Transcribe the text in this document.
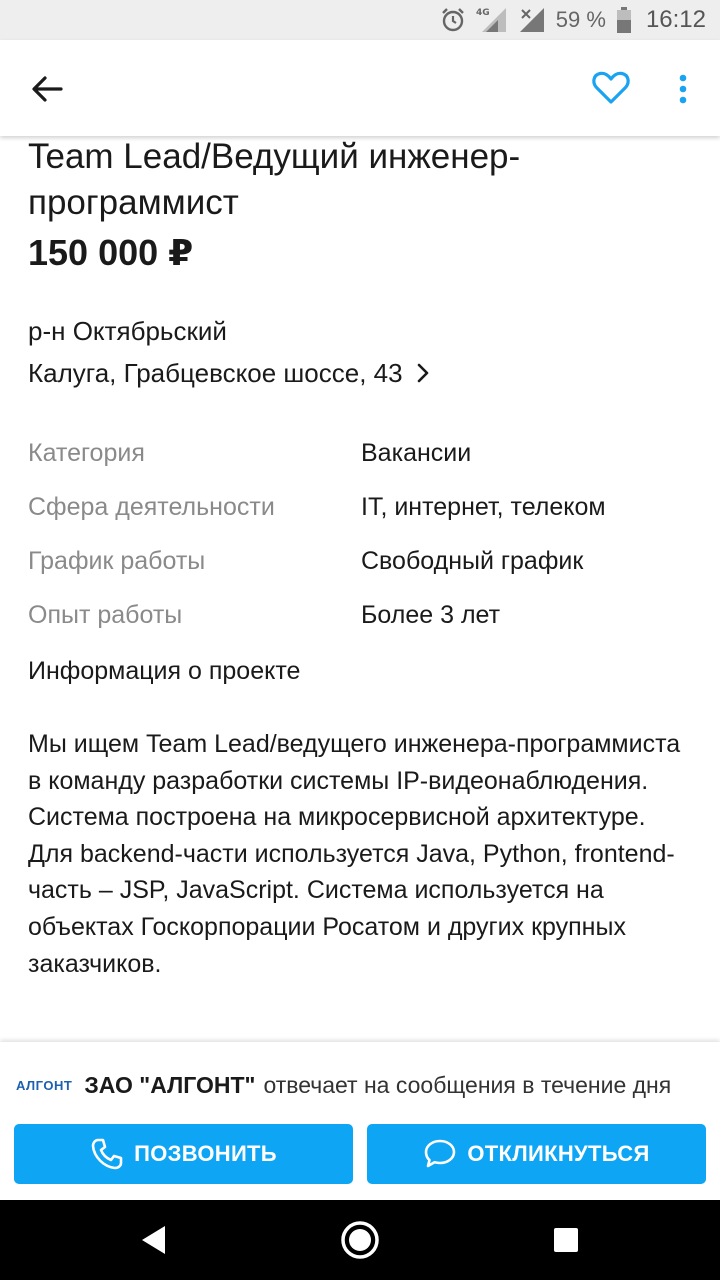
4G	59 % 16:12
Team Lead/Ведущий инженер-программист
150 000 ₽
р-н Октябрьский
Калуга, Грабцевское шоссе, 43
Категория	Вакансии
Сфера деятельности	IT, интернет, телеком
График работы	Свободный график
Опыт работы	Более 3 лет
Информация о проекте
Мы ищем Team Lead/ведущего инженера-программиста в команду разработки системы IP-видеонаблюдения. Система построена на микросервисной архитектуре. Для backend-части используется Java, Python, frontend-часть – JSP, JavaScript. Система используется на объектах Госкорпорации Росатом и других крупных заказчиков.
АЛГОНТ ЗАО "АЛГОНТ" отвечает на сообщения в течение дня
ПОЗВОНИТЬ	ОТКЛИКНУТЬСЯ
